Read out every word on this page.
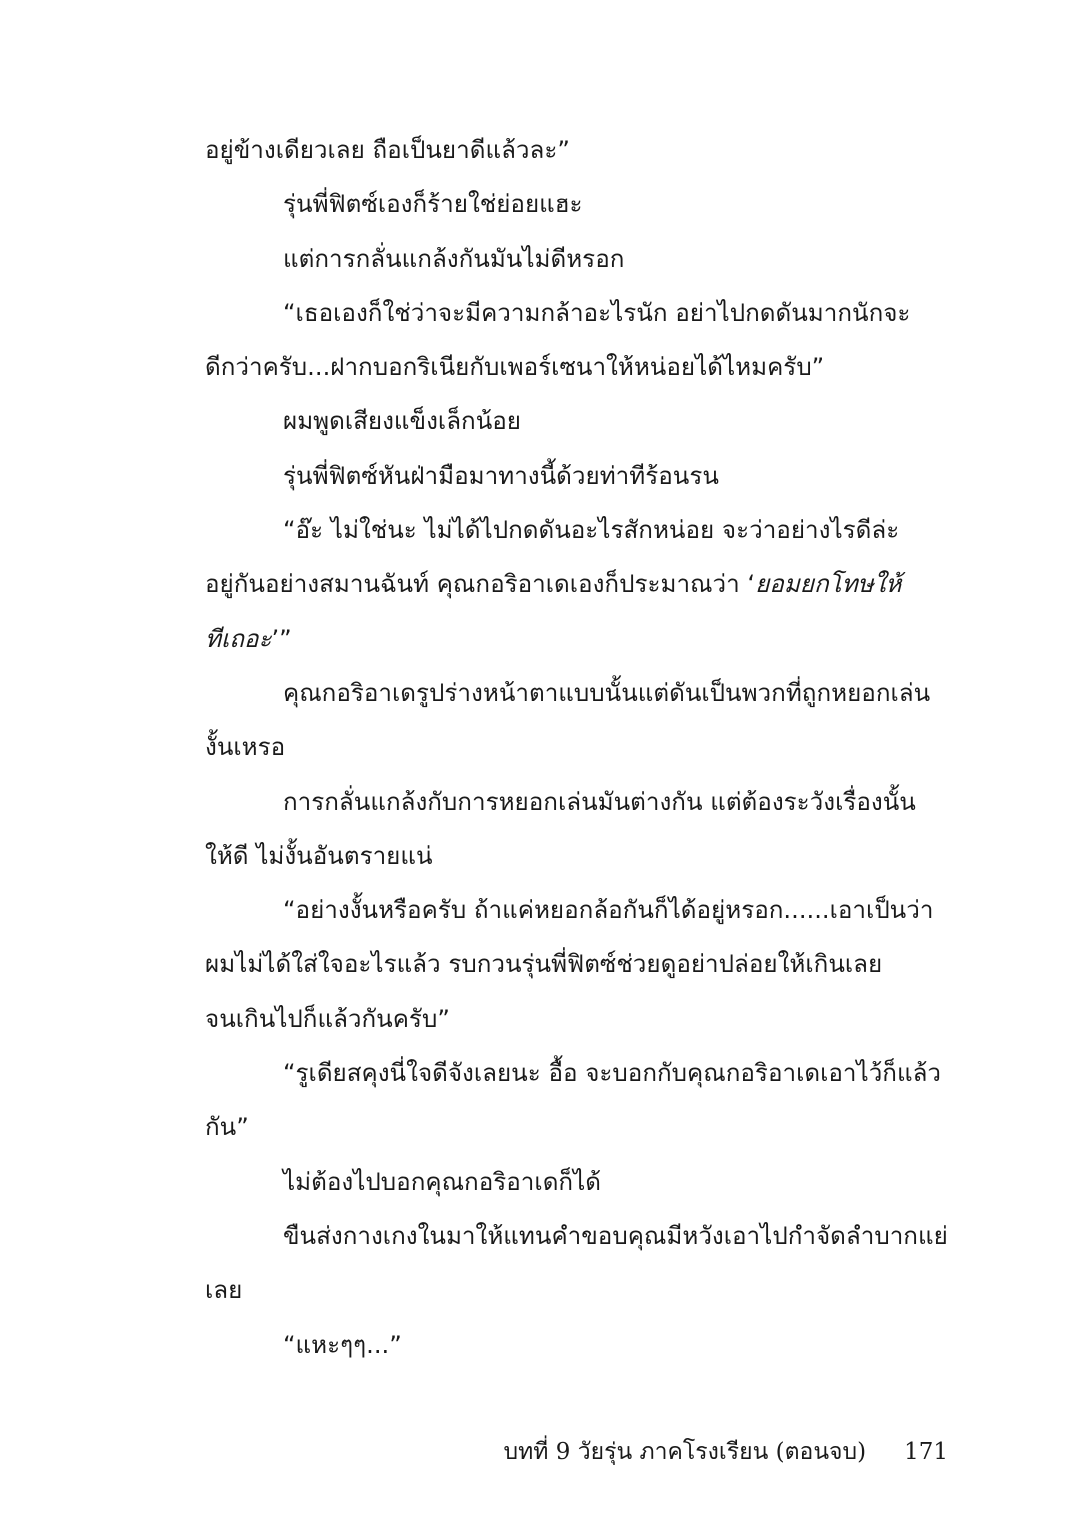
อยู่ข้างเดียวเลย ถือเป็นยาดีแล้วละ”
รุ่นพี่ฟิตซ์เองก็ร้ายใช่ย่อยแฮะ
แต่การกลั่นแกล้งกันมันไม่ดีหรอก
“เธอเองก็ใช่ว่าจะมีความกล้าอะไรนัก อย่าไปกดดันมากนักจะ
ดีกว่าครับ...ฝากบอกริเนียกับเพอร์เซนาให้หน่อยได้ไหมครับ”
ผมพูดเสียงแข็งเล็กน้อย
รุ่นพี่ฟิตซ์หันฝ่ามือมาทางนี้ด้วยท่าทีร้อนรน
“อ๊ะ ไม่ใช่นะ ไม่ได้ไปกดดันอะไรสักหน่อย จะว่าอย่างไรดีล่ะ
อยู่กันอย่างสมานฉันท์ คุณกอริอาเดเองก็ประมาณว่า ‘ยอมยกโทษให้
ทีเถอะ’”
คุณกอริอาเดรูปร่างหน้าตาแบบนั้นแต่ดันเป็นพวกที่ถูกหยอกเล่น
งั้นเหรอ
การกลั่นแกล้งกับการหยอกเล่นมันต่างกัน แต่ต้องระวังเรื่องนั้น
ให้ดี ไม่งั้นอันตรายแน่
“อย่างงั้นหรือครับ ถ้าแค่หยอกล้อกันก็ได้อยู่หรอก......เอาเป็นว่า
ผมไม่ได้ใส่ใจอะไรแล้ว รบกวนรุ่นพี่ฟิตซ์ช่วยดูอย่าปล่อยให้เกินเลย
จนเกินไปก็แล้วกันครับ”
“รูเดียสคุงนี่ใจดีจังเลยนะ อื้อ จะบอกกับคุณกอริอาเดเอาไว้ก็แล้ว
กัน”
ไม่ต้องไปบอกคุณกอริอาเดก็ได้
ขืนส่งกางเกงในมาให้แทนคำขอบคุณมีหวังเอาไปกำจัดลำบากแย่
เลย
“แหะๆๆ...”
บทที่ 9 วัยรุ่น ภาคโรงเรียน (ตอนจบ) 171
